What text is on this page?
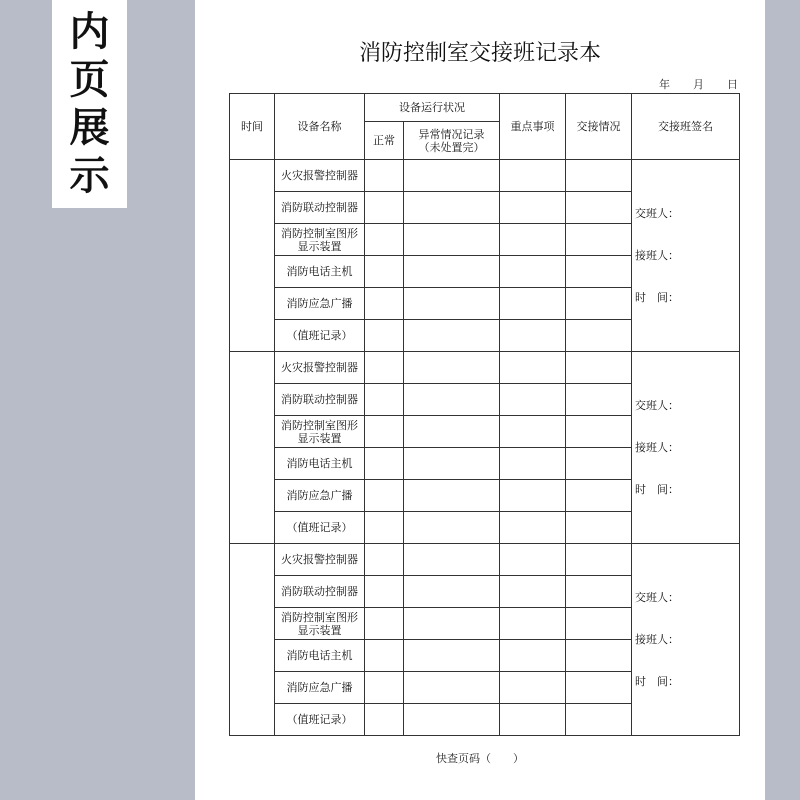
内
页
展
示
消防控制室交接班记录本
年 月 日
时间	设备名称	设备运行状况		重点事项	交接情况	交接班签名
		正常	异常情况记录
（未处置完）			

	火灾报警控制器					交班人：
接班人：
时　间：

	消防联动控制器					

	消防控制室图形
显示装置					

	消防电话主机					

	消防应急广播					

	（值班记录）					

	火灾报警控制器					交班人：
接班人：
时　间：

	消防联动控制器					

	消防控制室图形
显示装置					

	消防电话主机					

	消防应急广播					

	（值班记录）					

	火灾报警控制器					交班人：
接班人：
时　间：

	消防联动控制器					

	消防控制室图形
显示装置					

	消防电话主机					

	消防应急广播					

	（值班记录）					

快查页码（　　）
